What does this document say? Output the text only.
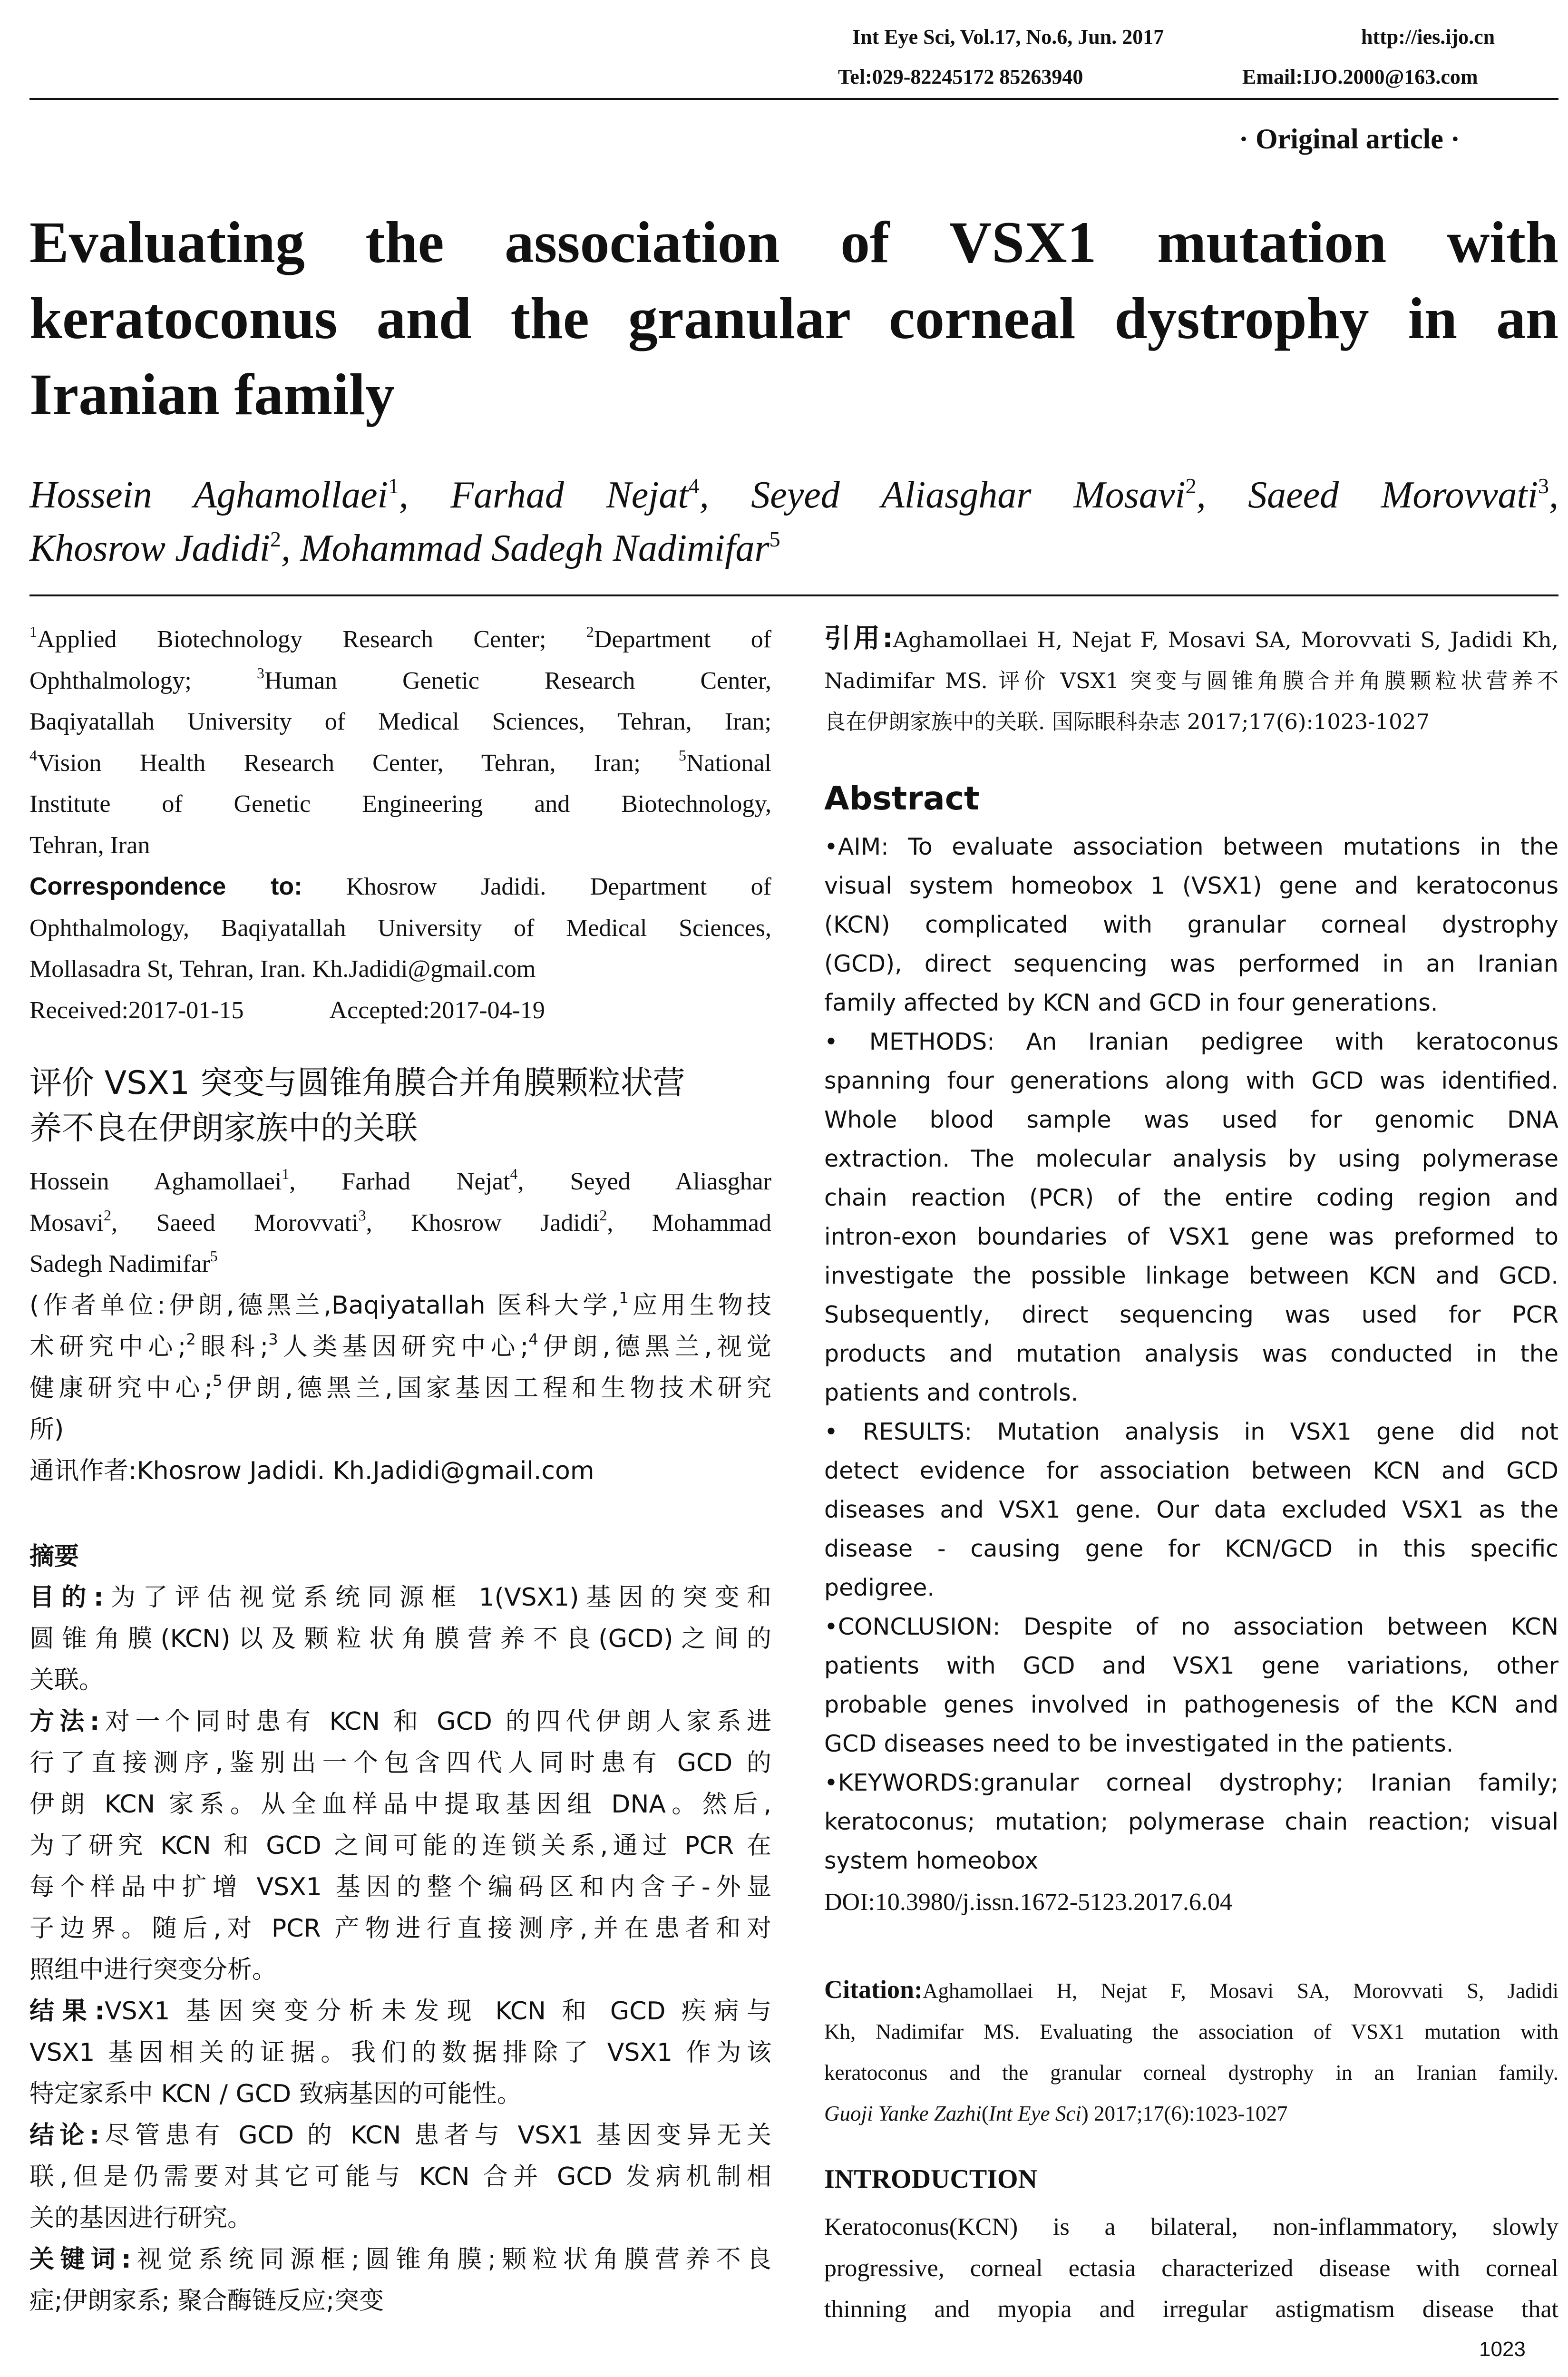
Int Eye Sci, Vol.17, No.6, Jun. 2017	http://ies.ijo.cn
Tel:029-82245172 85263940	Email:IJO.2000@163.com
· Original article ·
Evaluating the association of VSX1 mutation with
keratoconus and the granular corneal dystrophy in an
Iranian family
Hossein Aghamollaei$^1$, Farhad Nejat$^4$, Seyed Aliasghar Mosavi$^2$, Saeed Morovvati$^3$,
Khosrow Jadidi$^2$, Mohammad Sadegh Nadimifar$^5$
$^1$Applied Biotechnology Research Center;	$^2$Department of
Ophthalmology;	$^3$Human Genetic Research Center,
Baqiyatallah University of Medical Sciences, Tehran, Iran;
$^4$Vision Health Research Center, Tehran, Iran;	$^5$National
Institute of Genetic Engineering and Biotechnology,
Tehran, Iran
Correspondence to: Khosrow Jadidi. Department of
Ophthalmology, Baqiyatallah University of Medical Sciences,
Mollasadra St, Tehran, Iran. Kh.Jadidi@gmail.com
Received:2017-01-15	Accepted:2017-04-19
评价 VSX1 突变与圆锥角膜合并角膜颗粒状营
养不良在伊朗家族中的关联
Hossein Aghamollaei$^1$, Farhad Nejat$^4$, Seyed Aliasghar
Mosavi$^2$, Saeed Morovvati$^3$, Khosrow Jadidi$^2$, Mohammad
Sadegh Nadimifar$^5$
(作者单位:伊朗,德黑兰,Baqiyatallah 医科大学,$^1$应用生物技
术研究中心;$^2$眼科;$^3$人类基因研究中心;$^4$伊朗,德黑兰,视觉
健康研究中心;$^5$伊朗,德黑兰,国家基因工程和生物技术研究
所)
通讯作者:Khosrow Jadidi. Kh.Jadidi@gmail.com
摘要
目的:为了评估视觉系统同源框 1(VSX1)基因的突变和
圆锥角膜(KCN)以及颗粒状角膜营养不良(GCD)之间的
关联。
方法:对一个同时患有 KCN 和 GCD 的四代伊朗人家系进
行了直接测序,鉴别出一个包含四代人同时患有 GCD 的
伊朗 KCN 家系。从全血样品中提取基因组 DNA。然后,
为了研究 KCN 和 GCD 之间可能的连锁关系,通过 PCR 在
每个样品中扩增 VSX1 基因的整个编码区和内含子-外显
子边界。随后,对 PCR 产物进行直接测序,并在患者和对
照组中进行突变分析。
结果:VSX1 基因突变分析未发现 KCN 和 GCD 疾病与
VSX1 基因相关的证据。我们的数据排除了 VSX1 作为该
特定家系中 KCN / GCD 致病基因的可能性。
结论:尽管患有 GCD 的 KCN 患者与 VSX1 基因变异无关
联,但是仍需要对其它可能与 KCN 合并 GCD 发病机制相
关的基因进行研究。
关键词:视觉系统同源框;圆锥角膜;颗粒状角膜营养不良
症;伊朗家系; 聚合酶链反应;突变
引用:Aghamollaei H, Nejat F, Mosavi SA, Morovvati S, Jadidi Kh,
Nadimifar MS. 评价 VSX1 突变与圆锥角膜合并角膜颗粒状营养不
良在伊朗家族中的关联. 国际眼科杂志 2017;17(6):1023-1027
Abstract
•AIM: To evaluate association between mutations in the
visual system homeobox 1 (VSX1) gene and keratoconus
(KCN) complicated with granular corneal dystrophy
(GCD), direct sequencing was performed in an Iranian
family affected by KCN and GCD in four generations.
• METHODS: An Iranian pedigree with keratoconus
spanning four generations along with GCD was identified.
Whole blood sample was used for genomic DNA
extraction. The molecular analysis by using polymerase
chain reaction (PCR) of the entire coding region and
intron-exon boundaries of VSX1 gene was preformed to
investigate the possible linkage between KCN and GCD.
Subsequently, direct sequencing was used for PCR
products and mutation analysis was conducted in the
patients and controls.
• RESULTS: Mutation analysis in VSX1 gene did not
detect evidence for association between KCN and GCD
diseases and VSX1 gene. Our data excluded VSX1 as the
disease - causing gene for KCN/GCD in this specific
pedigree.
•CONCLUSION: Despite of no association between KCN
patients with GCD and VSX1 gene variations, other
probable genes involved in pathogenesis of the KCN and
GCD diseases need to be investigated in the patients.
•KEYWORDS:granular corneal dystrophy; Iranian family;
keratoconus; mutation; polymerase chain reaction; visual
system homeobox
DOI:10.3980/j.issn.1672-5123.2017.6.04
Citation:Aghamollaei H, Nejat F, Mosavi SA, Morovvati S, Jadidi
Kh, Nadimifar MS. Evaluating the association of VSX1 mutation with
keratoconus and the granular corneal dystrophy in an Iranian family.
Guoji Yanke Zazhi(Int Eye Sci) 2017;17(6):1023-1027
INTRODUCTION
Keratoconus(KCN) is a bilateral, non-inflammatory, slowly
progressive, corneal ectasia characterized disease with corneal
thinning and myopia and irregular astigmatism disease that
1023
